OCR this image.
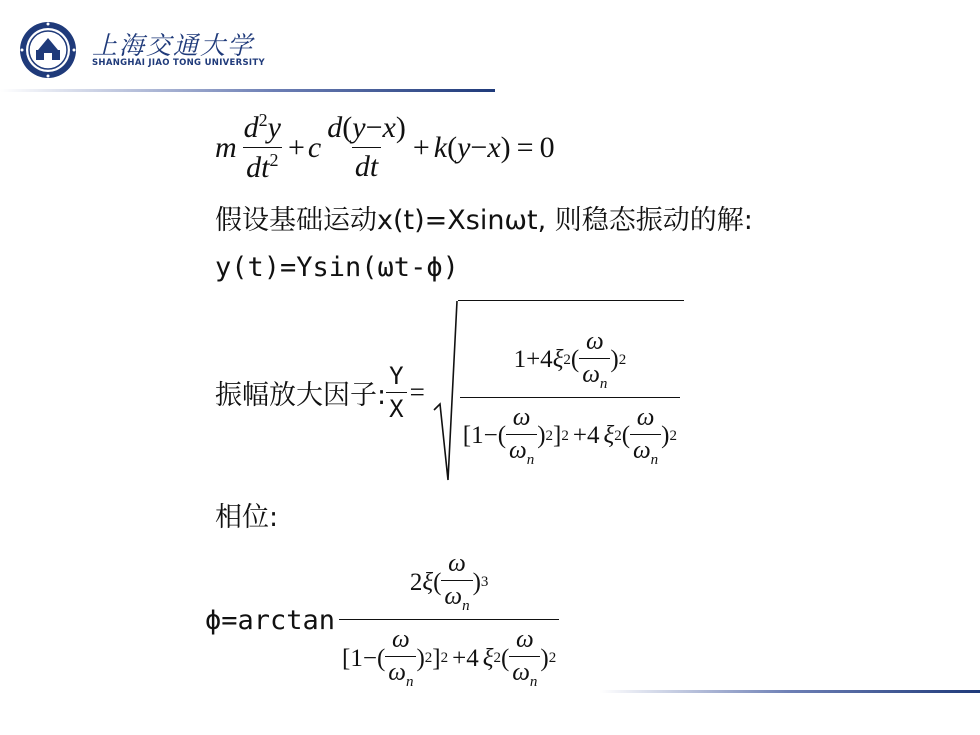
上海交通大学
SHANGHAI JIAO TONG UNIVERSITY
m $\frac{d^2y}{dt^2} + c \frac{d(y-x)}{dt} + k$ ( y − x ) = 0
假设基础运动x(t)=Xsinωt, 则稳态振动的解:
y(t)=Ysin(ωt-ϕ)
振幅放大因子: $\frac{Y}{X}$ =
1+4 ξ 2 ( $\frac{\omega}{\omega_n}$ ) 2
[$1-( \frac{\omega}{\omega_n}$ ) 2 ] 2 +4 ξ 2 ( $\frac{\omega}{\omega_n}$ ) 2
相位:
$\phi=\arctan \frac{2 \xi ( \frac{\omega}{\omega_n} ) 3}{[1-( \frac{\omega}{\omega_n} ) 2 ] 2 +4 \xi 2 ( \frac{\omega}{\omega_n} ) 2}$
